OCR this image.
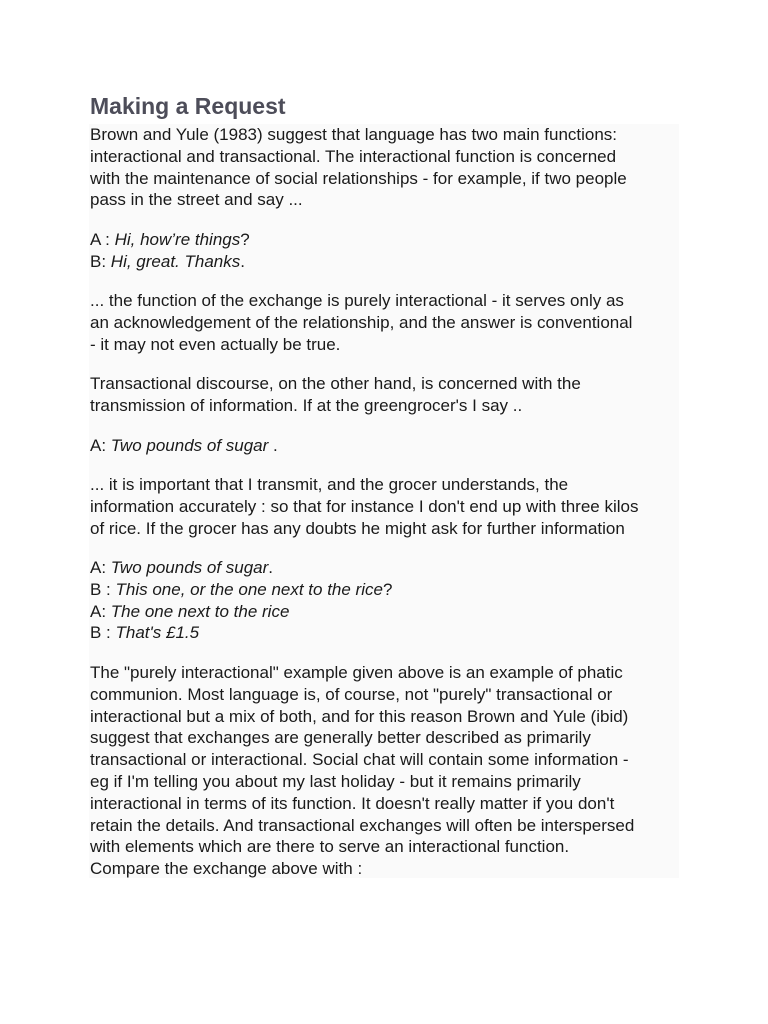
Making a Request
Brown and Yule (1983) suggest that language has two main functions:
interactional and transactional. The interactional function is concerned
with the maintenance of social relationships - for example, if two people
pass in the street and say ...
A : Hi, how’re things?
B: Hi, great. Thanks.
... the function of the exchange is purely interactional - it serves only as
an acknowledgement of the relationship, and the answer is conventional
- it may not even actually be true.
Transactional discourse, on the other hand, is concerned with the
transmission of information. If at the greengrocer's I say ..
A: Two pounds of sugar .
... it is important that I transmit, and the grocer understands, the
information accurately : so that for instance I don't end up with three kilos
of rice. If the grocer has any doubts he might ask for further information
A: Two pounds of sugar.
B : This one, or the one next to the rice?
A: The one next to the rice
B : That's £1.5
The "purely interactional" example given above is an example of phatic
communion. Most language is, of course, not "purely" transactional or
interactional but a mix of both, and for this reason Brown and Yule (ibid)
suggest that exchanges are generally better described as primarily
transactional or interactional. Social chat will contain some information -
eg if I'm telling you about my last holiday - but it remains primarily
interactional in terms of its function. It doesn't really matter if you don't
retain the details. And transactional exchanges will often be interspersed
with elements which are there to serve an interactional function.
Compare the exchange above with :
